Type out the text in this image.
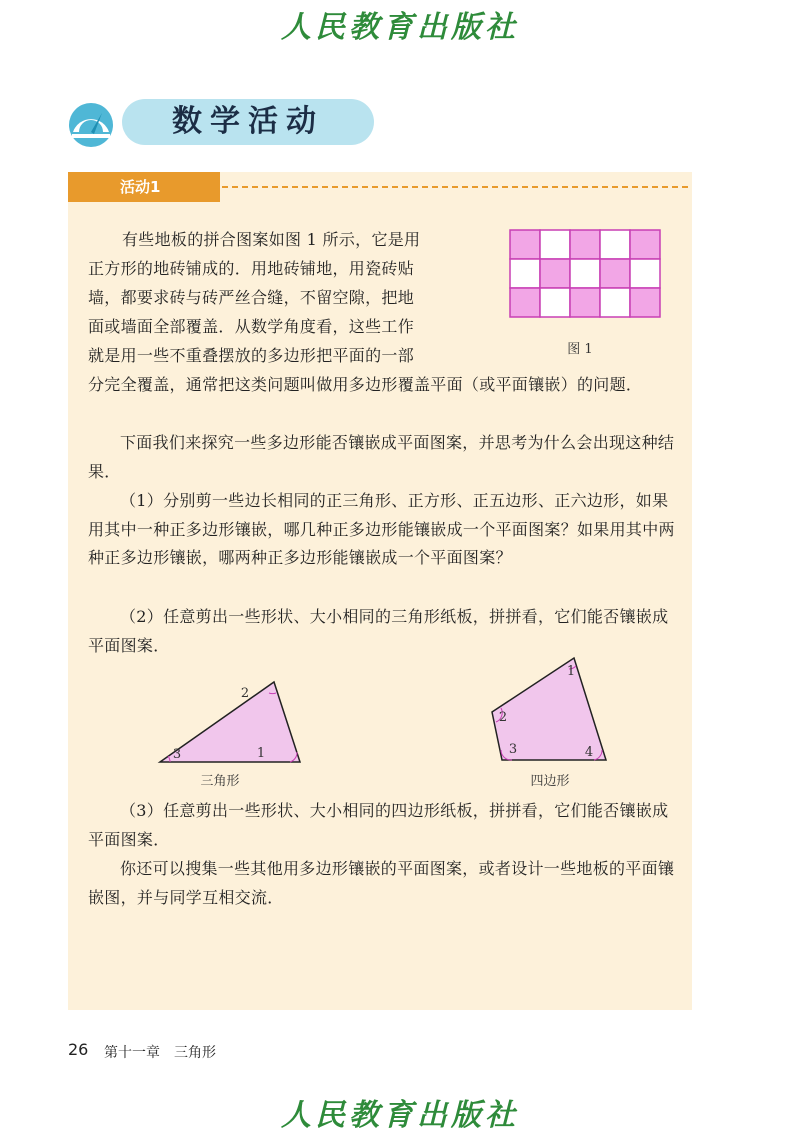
人民教育出版社
数学活动
活动1

有些地板的拼合图案如图 1 所示，它是用

正方形的地砖铺成的．用地砖铺地，用瓷砖贴

墙，都要求砖与砖严丝合缝，不留空隙，把地

面或墙面全部覆盖．从数学角度看，这些工作

就是用一些不重叠摆放的多边形把平面的一部	图 1

分完全覆盖，通常把这类问题叫做用多边形覆盖平面（或平面镶嵌）的问题．

下面我们来探究一些多边形能否镶嵌成平面图案，并思考为什么会出现这种结果．

（1）分别剪一些边长相同的正三角形、正方形、正五边形、正六边形，如果用其中一种正多边形镶嵌，哪几种正多边形能镶嵌成一个平面图案？如果用其中两种正多边形镶嵌，哪两种正多边形能镶嵌成一个平面图案？

（2）任意剪出一些形状、大小相同的三角形纸板，拼拼看，它们能否镶嵌成平面图案．

1
2
3
三角形
1
2
3	4
四边形

（3）任意剪出一些形状、大小相同的四边形纸板，拼拼看，它们能否镶嵌成平面图案．

你还可以搜集一些其他用多边形镶嵌的平面图案，或者设计一些地板的平面镶嵌图，并与同学互相交流．

26 第十一章 三角形
人民教育出版社
